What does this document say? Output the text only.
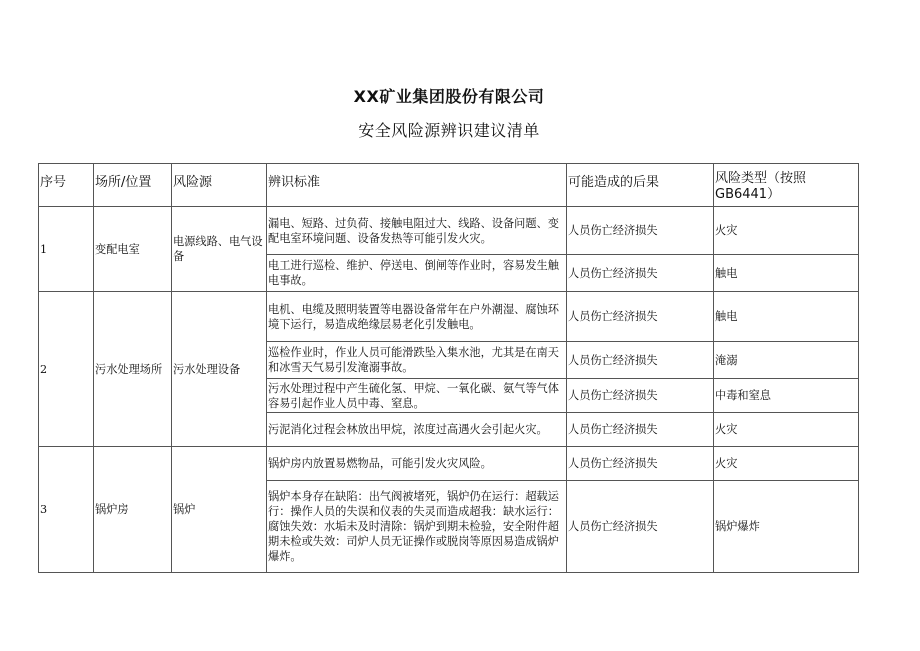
XX矿业集团股份有限公司
安全风险源辨识建议清单
序号	场所/位置	风险源	辨识标准	可能造成的后果	风险类型（按照GB6441）

1	变配电室	电源线路、电气设备	漏电、短路、过负荷、接触电阻过大、线路、设备问题、变配电室环境问题、设备发热等可能引发火灾。	人员伤亡经济损失	火灾
			电工进行巡检、维护、停送电、倒闸等作业时，容易发生触电事故。	人员伤亡经济损失	触电
2	污水处理场所	污水处理设备	电机、电缆及照明装置等电器设备常年在户外潮湿、腐蚀环境下运行，易造成绝缘层易老化引发触电。	人员伤亡经济损失	触电
			巡检作业时，作业人员可能滑跌坠入集水池，尤其是在南天和冰雪天气易引发淹溺事故。	人员伤亡经济损失	淹溺
			污水处理过程中产生硫化氢、甲烷、一氧化碳、氨气等气体容易引起作业人员中毒、窒息。	人员伤亡经济损失	中毒和窒息
			污泥消化过程会林放出甲烷，浓度过高遇火会引起火灾。	人员伤亡经济损失	火灾
3	锅炉房	锅炉	锅炉房内放置易燃物品，可能引发火灾风险。	人员伤亡经济损失	火灾
			锅炉本身存在缺陷：出气阀被堵死，锅炉仍在运行：超载运行：操作人员的失误和仪表的失灵而造成超我：缺水运行：腐蚀失效：水垢未及时清除：锅炉到期未检验，安全附件超期未检或失效：司炉人员无证操作或脱岗等原因易造成锅炉爆炸。	人员伤亡经济损失	锅炉爆炸
